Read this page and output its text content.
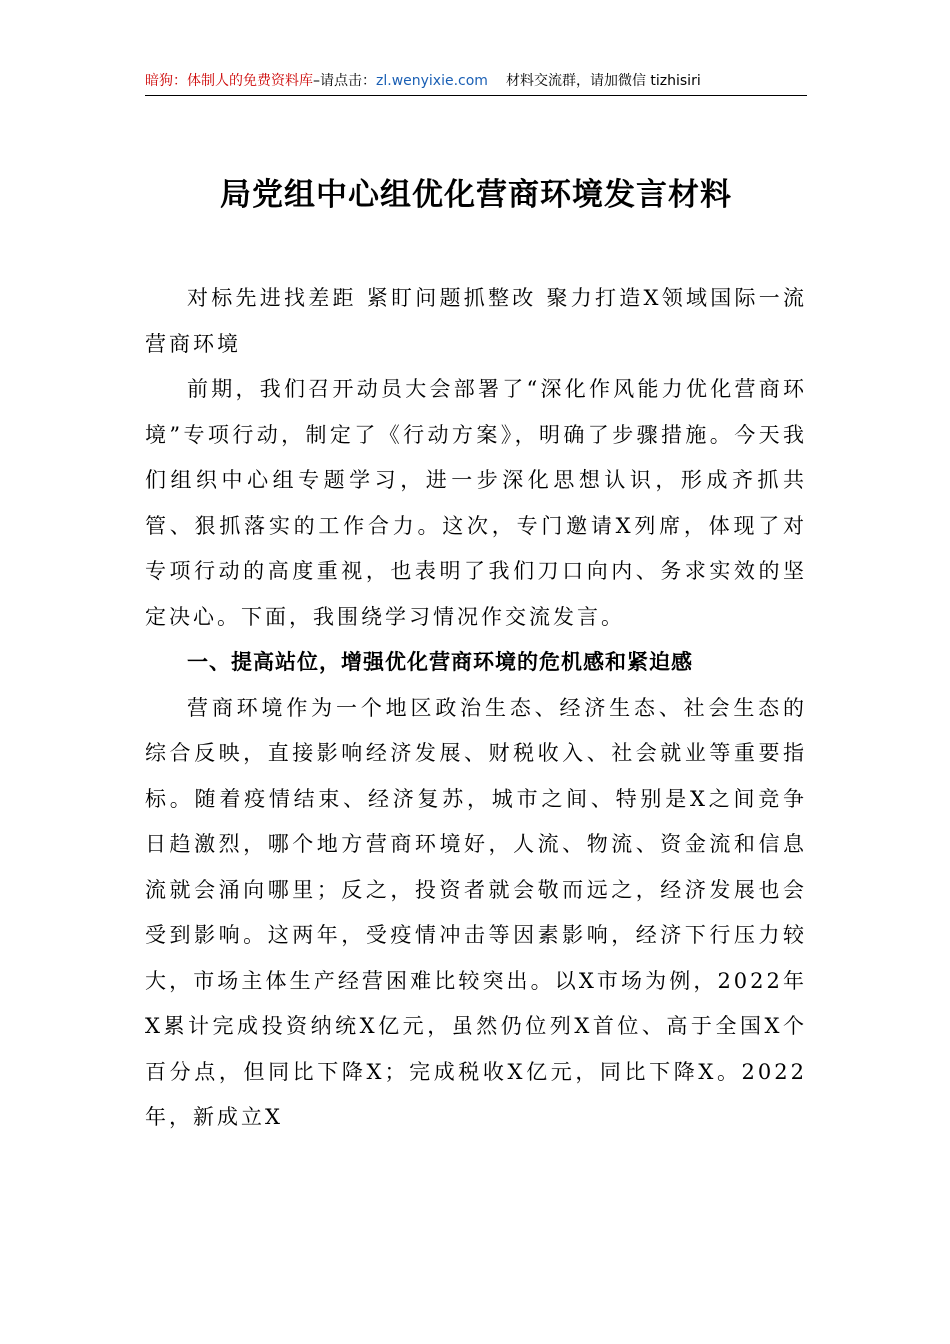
暗狗：体制人的免费资料库–请点击：zl.wenyixie.com 材料交流群，请加微信 tizhisiri
局党组中心组优化营商环境发言材料

对标先进找差距 紧盯问题抓整改 聚力打造X领域国际一流营商环境

前期，我们召开动员大会部署了“深化作风能力优化营商环境”专项行动，制定了《行动方案》，明确了步骤措施。今天我们组织中心组专题学习，进一步深化思想认识，形成齐抓共管、狠抓落实的工作合力。这次，专门邀请X列席，体现了对专项行动的高度重视，也表明了我们刀口向内、务求实效的坚定决心。下面，我围绕学习情况作交流发言。

一、提高站位，增强优化营商环境的危机感和紧迫感

营商环境作为一个地区政治生态、经济生态、社会生态的综合反映，直接影响经济发展、财税收入、社会就业等重要指标。随着疫情结束、经济复苏，城市之间、特别是X之间竞争日趋激烈，哪个地方营商环境好，人流、物流、资金流和信息流就会涌向哪里；反之，投资者就会敬而远之，经济发展也会受到影响。这两年，受疫情冲击等因素影响，经济下行压力较大，市场主体生产经营困难比较突出。以X市场为例，2022年X累计完成投资纳统X亿元，虽然仍位列X首位、高于全国X个百分点，但同比下降X；完成税收X亿元，同比下降X。2022年，新成立X
